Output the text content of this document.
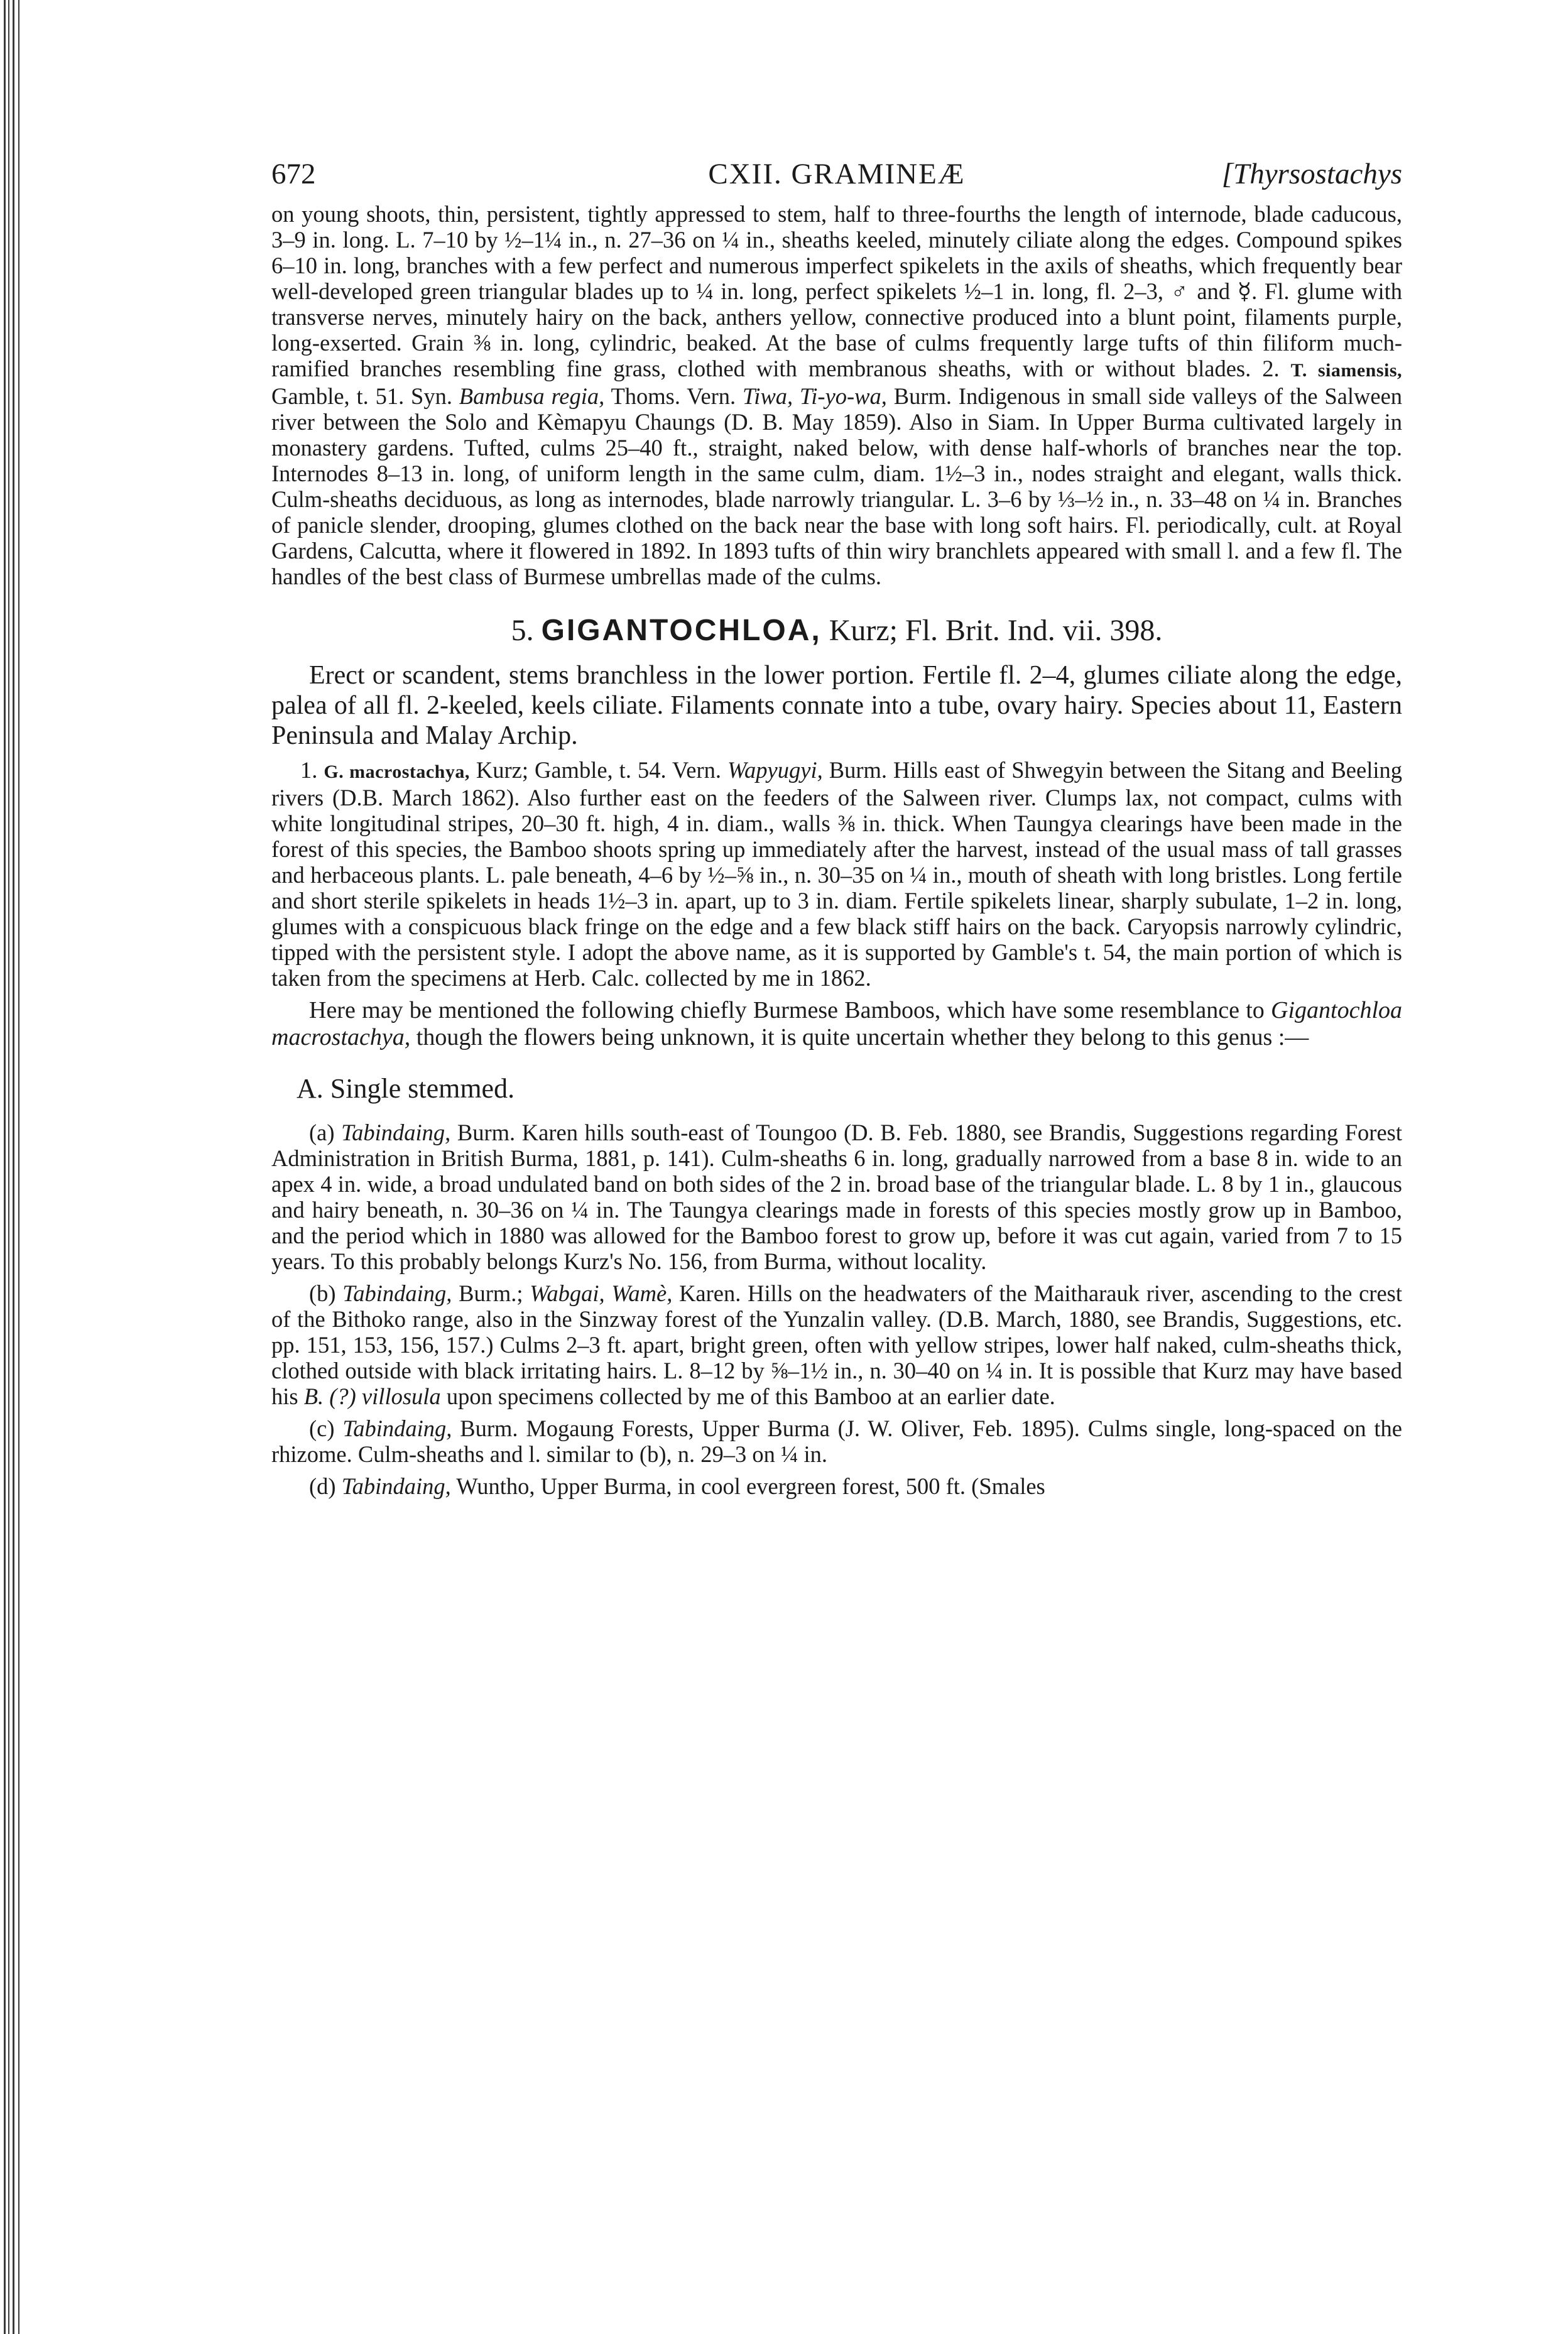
672	CXII. GRAMINEÆ	[Thyrsostachys

on young shoots, thin, persistent, tightly appressed to stem, half to three-fourths the length of internode, blade caducous, 3–9 in. long. L. 7–10 by ½–1¼ in., n. 27–36 on ¼ in., sheaths keeled, minutely ciliate along the edges. Compound spikes 6–10 in. long, branches with a few perfect and numerous imperfect spikelets in the axils of sheaths, which frequently bear well-developed green triangular blades up to ¼ in. long, perfect spikelets ½–1 in. long, fl. 2–3, ♂ and ☿. Fl. glume with transverse nerves, minutely hairy on the back, anthers yellow, connective produced into a blunt point, filaments purple, long-exserted. Grain ⅜ in. long, cylindric, beaked. At the base of culms frequently large tufts of thin filiform much-ramified branches resembling fine grass, clothed with membranous sheaths, with or without blades. 2. T. siamensis, Gamble, t. 51. Syn. Bambusa regia, Thoms. Vern. Tiwa, Ti-yo-wa, Burm. Indigenous in small side valleys of the Salween river between the Solo and Kèmapyu Chaungs (D. B. May 1859). Also in Siam. In Upper Burma cultivated largely in monastery gardens. Tufted, culms 25–40 ft., straight, naked below, with dense half-whorls of branches near the top. Internodes 8–13 in. long, of uniform length in the same culm, diam. 1½–3 in., nodes straight and elegant, walls thick. Culm-sheaths deciduous, as long as internodes, blade narrowly triangular. L. 3–6 by ⅓–½ in., n. 33–48 on ¼ in. Branches of panicle slender, drooping, glumes clothed on the back near the base with long soft hairs. Fl. periodically, cult. at Royal Gardens, Calcutta, where it flowered in 1892. In 1893 tufts of thin wiry branchlets appeared with small l. and a few fl. The handles of the best class of Burmese umbrellas made of the culms.

5. GIGANTOCHLOA, Kurz; Fl. Brit. Ind. vii. 398.

Erect or scandent, stems branchless in the lower portion. Fertile fl. 2–4, glumes ciliate along the edge, palea of all fl. 2-keeled, keels ciliate. Filaments connate into a tube, ovary hairy. Species about 11, Eastern Peninsula and Malay Archip.

1. G. macrostachya, Kurz; Gamble, t. 54. Vern. Wapyugyi, Burm. Hills east of Shwegyin between the Sitang and Beeling rivers (D.B. March 1862). Also further east on the feeders of the Salween river. Clumps lax, not compact, culms with white longitudinal stripes, 20–30 ft. high, 4 in. diam., walls ⅜ in. thick. When Taungya clearings have been made in the forest of this species, the Bamboo shoots spring up immediately after the harvest, instead of the usual mass of tall grasses and herbaceous plants. L. pale beneath, 4–6 by ½–⅝ in., n. 30–35 on ¼ in., mouth of sheath with long bristles. Long fertile and short sterile spikelets in heads 1½–3 in. apart, up to 3 in. diam. Fertile spikelets linear, sharply subulate, 1–2 in. long, glumes with a conspicuous black fringe on the edge and a few black stiff hairs on the back. Caryopsis narrowly cylindric, tipped with the persistent style. I adopt the above name, as it is supported by Gamble's t. 54, the main portion of which is taken from the specimens at Herb. Calc. collected by me in 1862.

Here may be mentioned the following chiefly Burmese Bamboos, which have some resemblance to Gigantochloa macrostachya, though the flowers being unknown, it is quite uncertain whether they belong to this genus :—

A. Single stemmed.

(a) Tabindaing, Burm. Karen hills south-east of Toungoo (D. B. Feb. 1880, see Brandis, Suggestions regarding Forest Administration in British Burma, 1881, p. 141). Culm-sheaths 6 in. long, gradually narrowed from a base 8 in. wide to an apex 4 in. wide, a broad undulated band on both sides of the 2 in. broad base of the triangular blade. L. 8 by 1 in., glaucous and hairy beneath, n. 30–36 on ¼ in. The Taungya clearings made in forests of this species mostly grow up in Bamboo, and the period which in 1880 was allowed for the Bamboo forest to grow up, before it was cut again, varied from 7 to 15 years. To this probably belongs Kurz's No. 156, from Burma, without locality.

(b) Tabindaing, Burm.; Wabgai, Wamè, Karen. Hills on the headwaters of the Maitharauk river, ascending to the crest of the Bithoko range, also in the Sinzway forest of the Yunzalin valley. (D.B. March, 1880, see Brandis, Suggestions, etc. pp. 151, 153, 156, 157.) Culms 2–3 ft. apart, bright green, often with yellow stripes, lower half naked, culm-sheaths thick, clothed outside with black irritating hairs. L. 8–12 by ⅝–1½ in., n. 30–40 on ¼ in. It is possible that Kurz may have based his B. (?) villosula upon specimens collected by me of this Bamboo at an earlier date.

(c) Tabindaing, Burm. Mogaung Forests, Upper Burma (J. W. Oliver, Feb. 1895). Culms single, long-spaced on the rhizome. Culm-sheaths and l. similar to (b), n. 29–3 on ¼ in.

(d) Tabindaing, Wuntho, Upper Burma, in cool evergreen forest, 500 ft. (Smales
